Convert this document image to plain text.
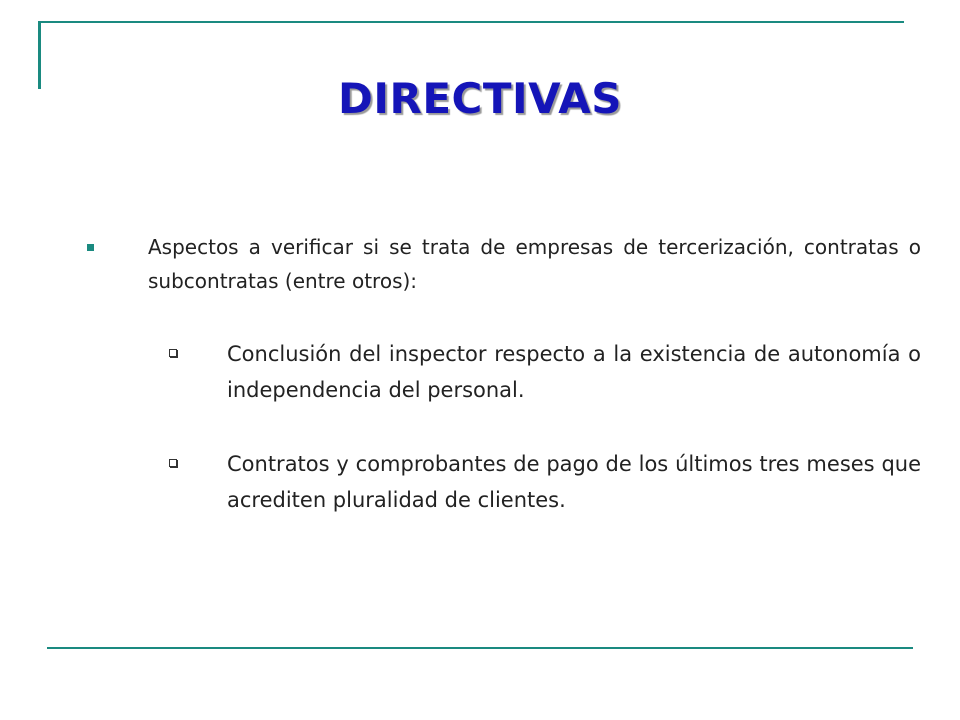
DIRECTIVAS
Aspectos a verificar si se trata de empresas de tercerización, contratas o subcontratas (entre otros):
Conclusión del inspector respecto a la existencia de autonomía o independencia del personal.
Contratos y comprobantes de pago de los últimos tres meses que acrediten pluralidad de clientes.
